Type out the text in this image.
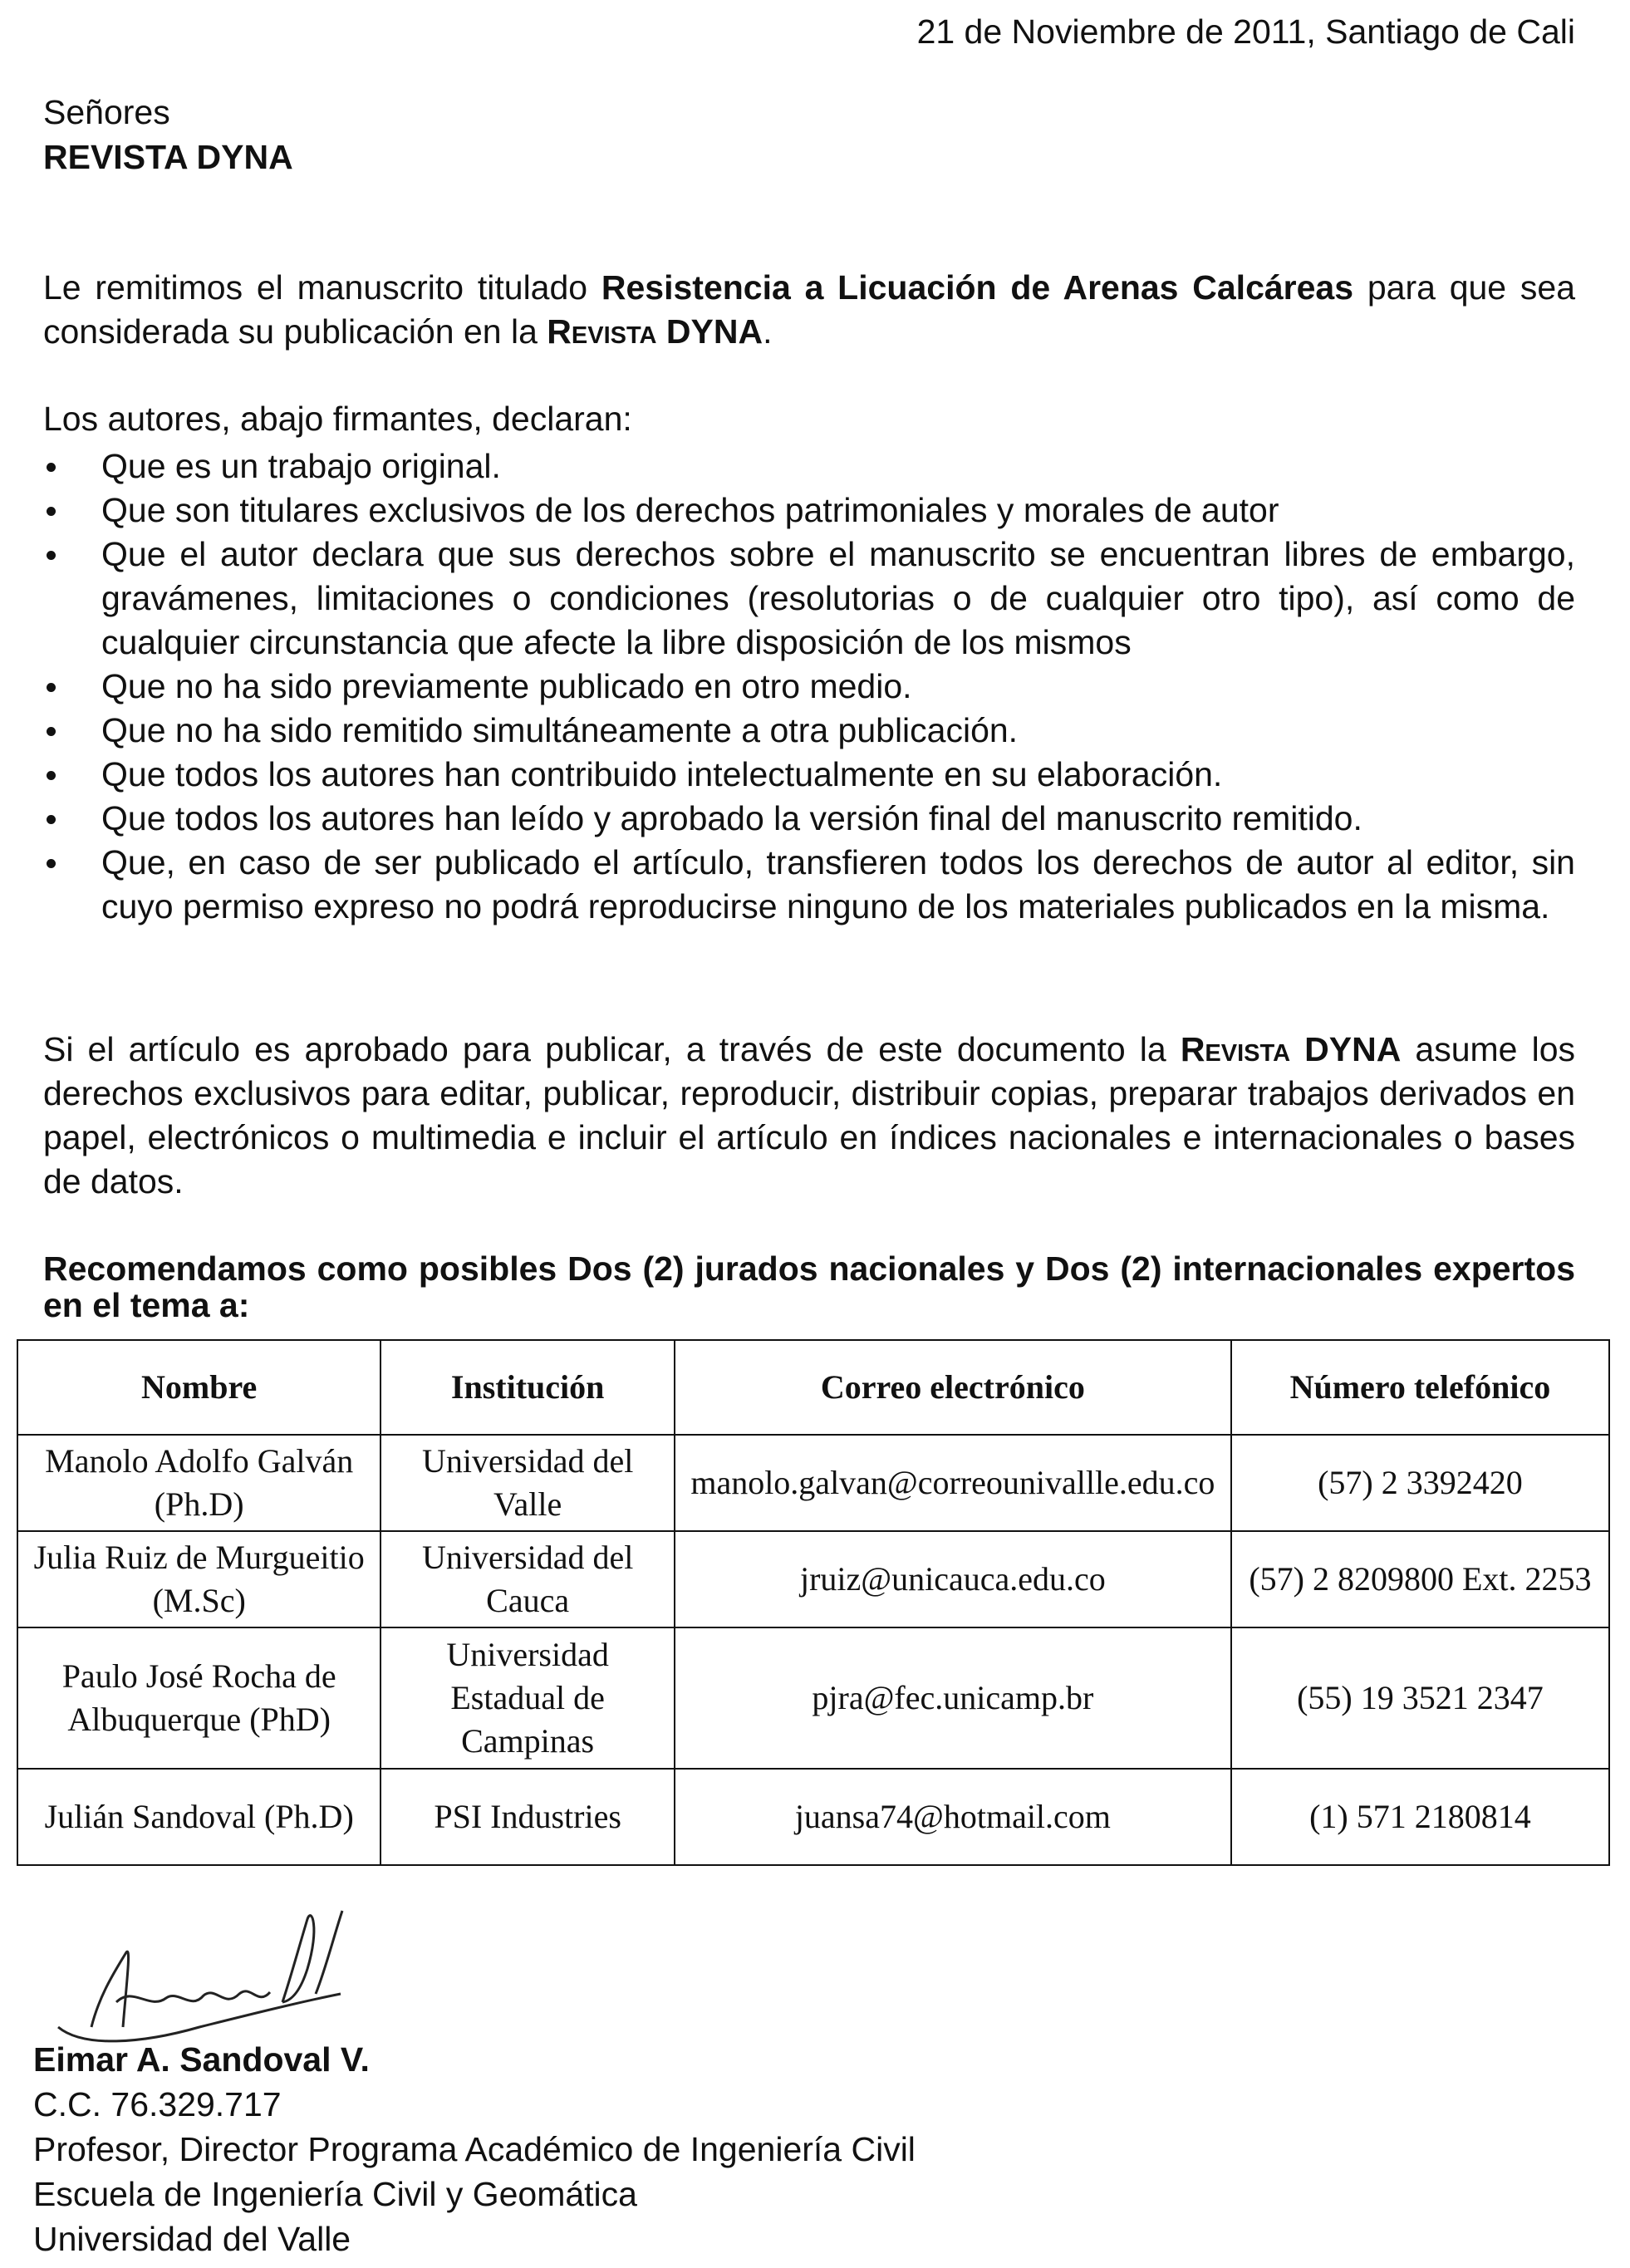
21 de Noviembre de 2011, Santiago de Cali
Señores
REVISTA DYNA
Le remitimos el manuscrito titulado Resistencia a Licuación de Arenas Calcáreas para que sea considerada su publicación en la Revista DYNA.
Los autores, abajo firmantes, declaran:
Que es un trabajo original.
Que son titulares exclusivos de los derechos patrimoniales y morales de autor
Que el autor declara que sus derechos sobre el manuscrito se encuentran libres de embargo, gravámenes, limitaciones o condiciones (resolutorias o de cualquier otro tipo), así como de cualquier circunstancia que afecte la libre disposición de los mismos
Que no ha sido previamente publicado en otro medio.
Que no ha sido remitido simultáneamente a otra publicación.
Que todos los autores han contribuido intelectualmente en su elaboración.
Que todos los autores han leído y aprobado la versión final del manuscrito remitido.
Que, en caso de ser publicado el artículo, transfieren todos los derechos de autor al editor, sin cuyo permiso expreso no podrá reproducirse ninguno de los materiales publicados en la misma.
Si el artículo es aprobado para publicar, a través de este documento la Revista DYNA asume los derechos exclusivos para editar, publicar, reproducir, distribuir copias, preparar trabajos derivados en papel, electrónicos o multimedia e incluir el artículo en índices nacionales e internacionales o bases de datos.
Recomendamos como posibles Dos (2) jurados nacionales y Dos (2) internacionales expertos en el tema a:
Nombre	Institución	Correo electrónico	Número telefónico
Manolo Adolfo Galván (Ph.D)	Universidad del Valle	manolo.galvan@correounivallle.edu.co	(57) 2 3392420
Julia Ruiz de Murgueitio (M.Sc)	Universidad del Cauca	jruiz@unicauca.edu.co	(57) 2 8209800 Ext. 2253
Paulo José Rocha de Albuquerque (PhD)	Universidad Estadual de Campinas	pjra@fec.unicamp.br	(55) 19 3521 2347
Julián Sandoval (Ph.D)	PSI Industries	juansa74@hotmail.com	(1) 571 2180814
Eimar A. Sandoval V.
C.C. 76.329.717
Profesor, Director Programa Académico de Ingeniería Civil
Escuela de Ingeniería Civil y Geomática
Universidad del Valle
